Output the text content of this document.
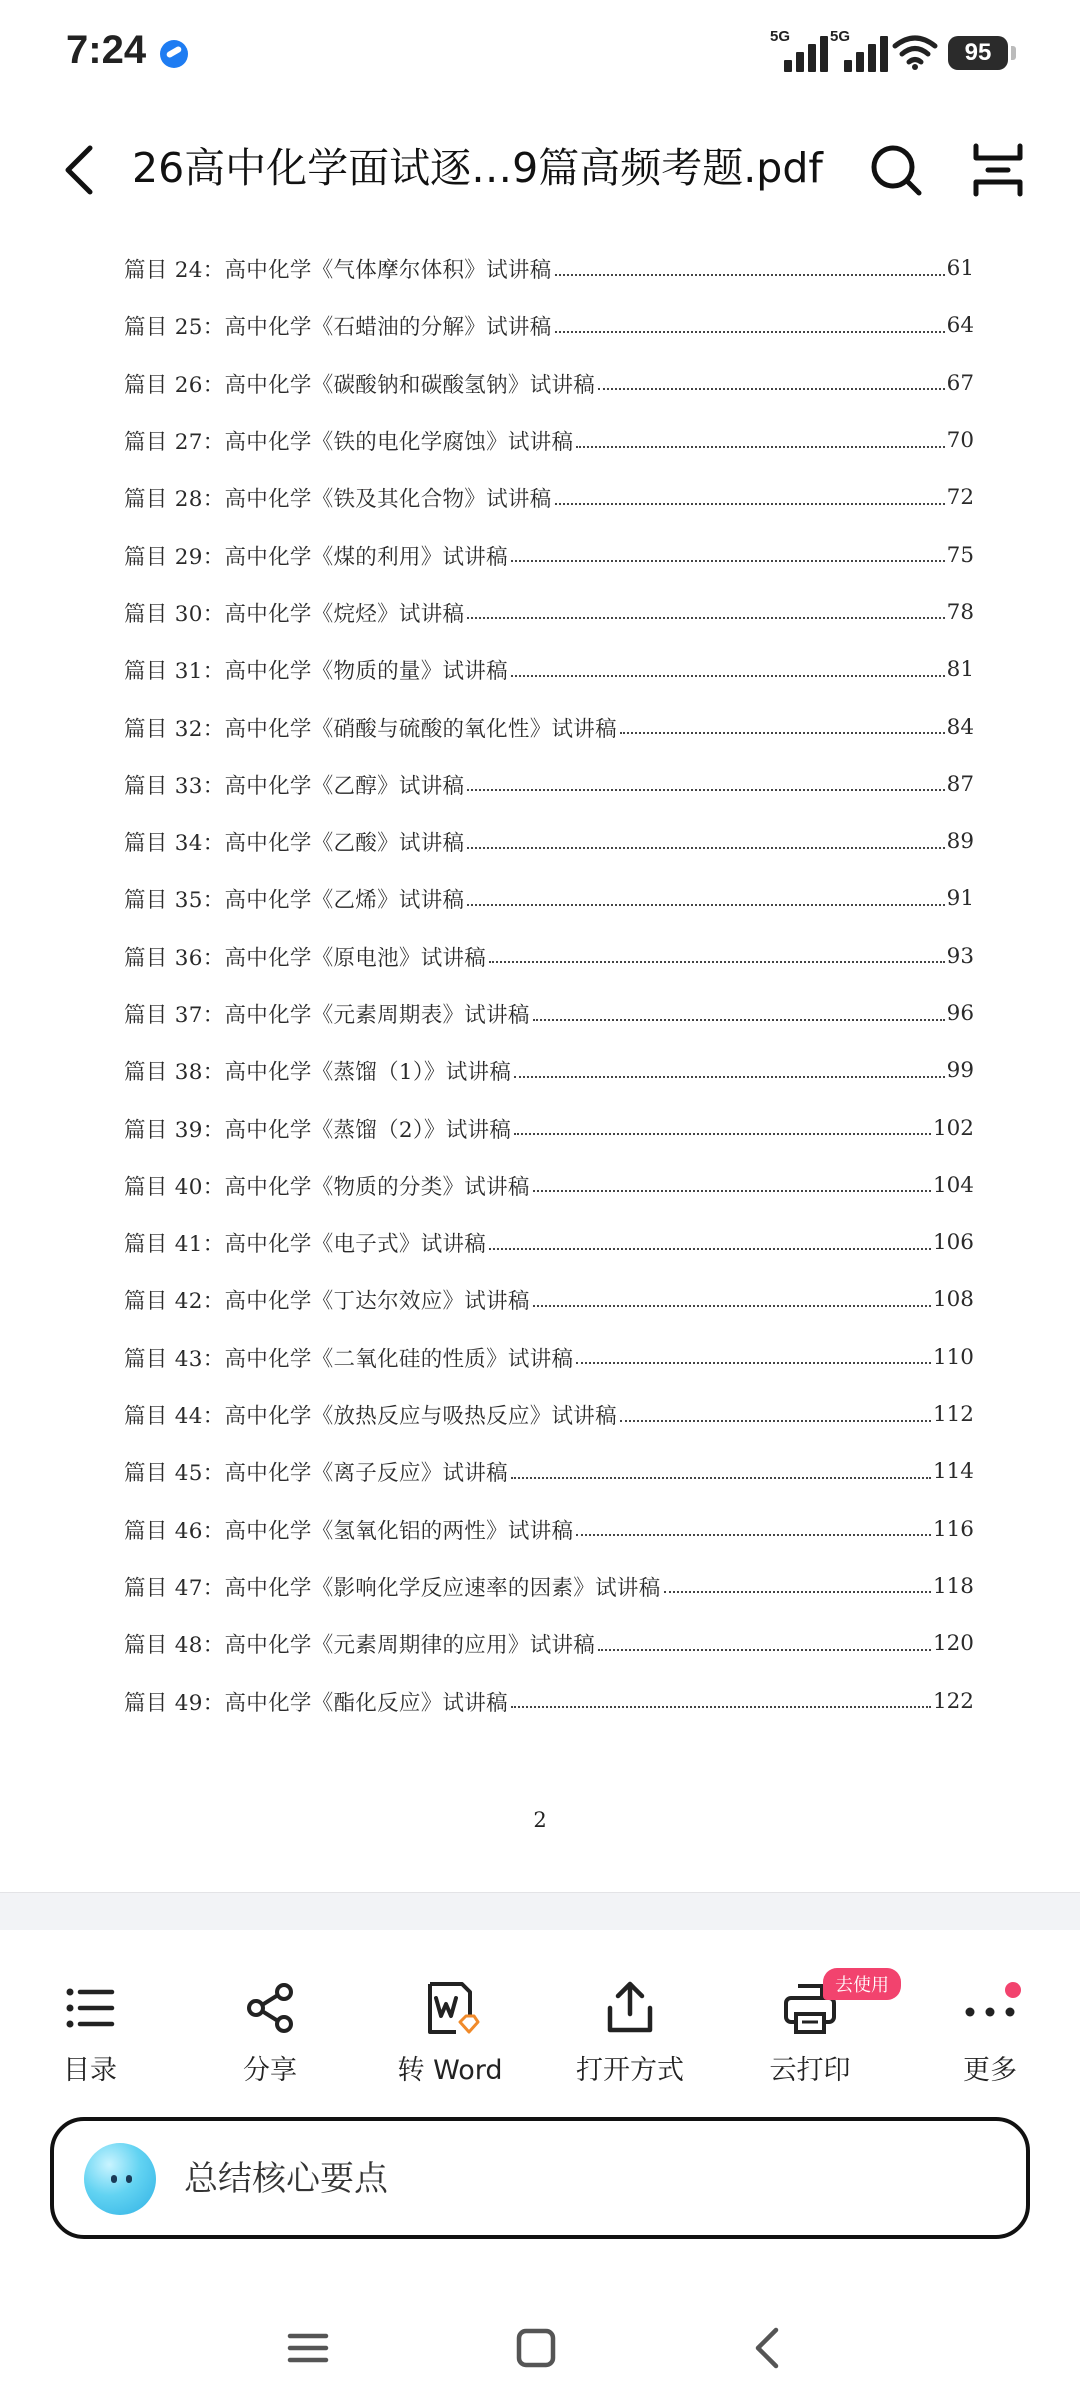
7:24	5G	5G
95
26高中化学面试逐…9篇高频考题.pdf
篇目 24：高中化学《气体摩尔体积》试讲稿	61
篇目 25：高中化学《石蜡油的分解》试讲稿	64
篇目 26：高中化学《碳酸钠和碳酸氢钠》试讲稿	67
篇目 27：高中化学《铁的电化学腐蚀》试讲稿	70
篇目 28：高中化学《铁及其化合物》试讲稿	72
篇目 29：高中化学《煤的利用》试讲稿	75
篇目 30：高中化学《烷烃》试讲稿	78
篇目 31：高中化学《物质的量》试讲稿	81
篇目 32：高中化学《硝酸与硫酸的氧化性》试讲稿	84
篇目 33：高中化学《乙醇》试讲稿	87
篇目 34：高中化学《乙酸》试讲稿	89
篇目 35：高中化学《乙烯》试讲稿	91
篇目 36：高中化学《原电池》试讲稿	93
篇目 37：高中化学《元素周期表》试讲稿	96
篇目 38：高中化学《蒸馏（1）》试讲稿	99
篇目 39：高中化学《蒸馏（2）》试讲稿	102
篇目 40：高中化学《物质的分类》试讲稿	104
篇目 41：高中化学《电子式》试讲稿	106
篇目 42：高中化学《丁达尔效应》试讲稿	108
篇目 43：高中化学《二氧化硅的性质》试讲稿	110
篇目 44：高中化学《放热反应与吸热反应》试讲稿	112
篇目 45：高中化学《离子反应》试讲稿	114
篇目 46：高中化学《氢氧化铝的两性》试讲稿	116
篇目 47：高中化学《影响化学反应速率的因素》试讲稿	118
篇目 48：高中化学《元素周期律的应用》试讲稿	120
篇目 49：高中化学《酯化反应》试讲稿	122
2
目录	分享	转 Word	打开方式
去使用
云打印	更多
总结核心要点
